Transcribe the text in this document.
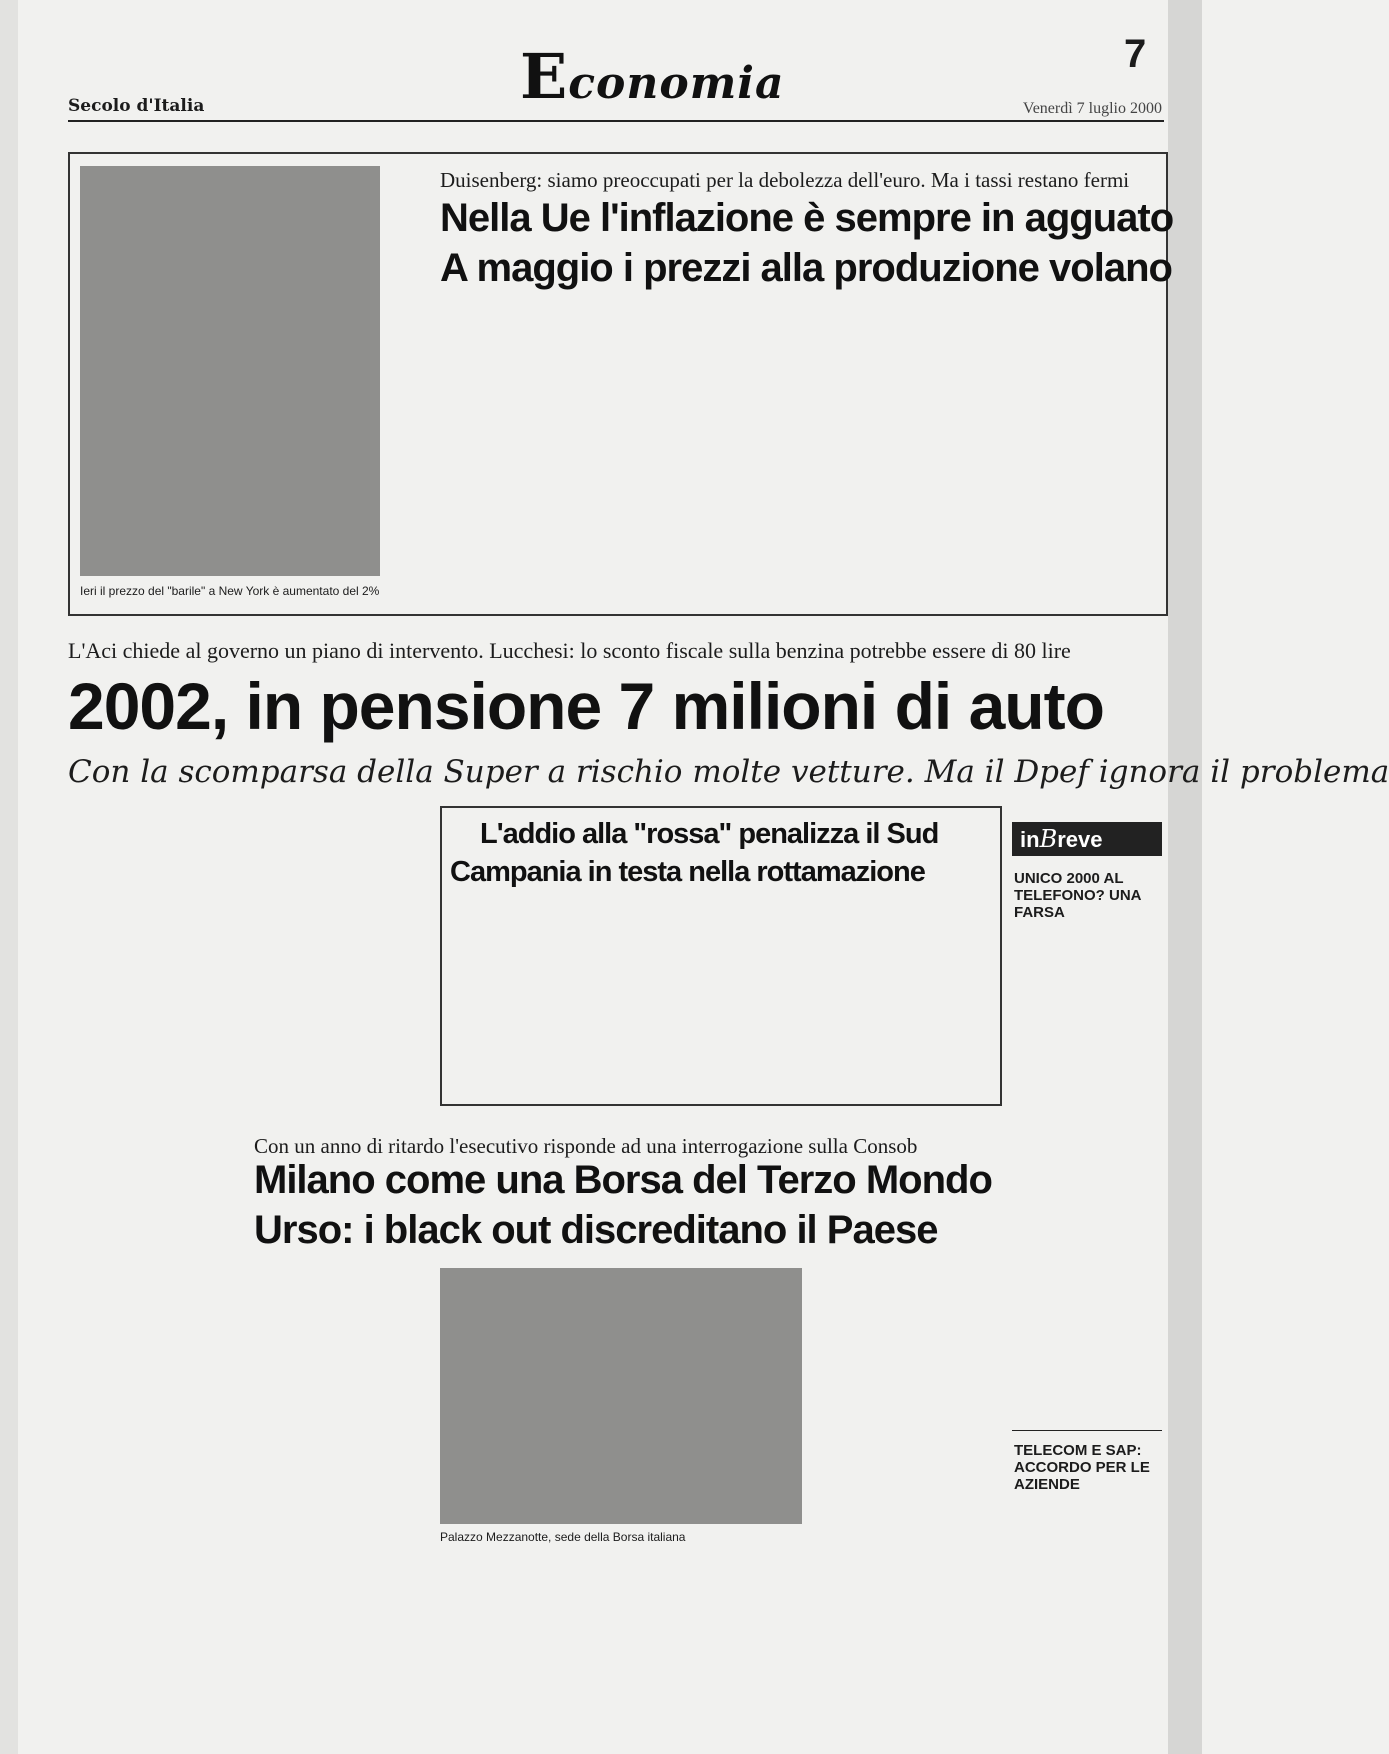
Economia
7
Secolo d'Italia	Venerdì 7 luglio 2000
Ieri il prezzo del "barile" a New York è aumentato del 2%
Duisenberg: siamo preoccupati per la debolezza dell'euro. Ma i tassi restano fermi
Nella Ue l'inflazione è sempre in agguato
A maggio i prezzi alla produzione volano
L'Aci chiede al governo un piano di intervento. Lucchesi: lo sconto fiscale sulla benzina potrebbe essere di 80 lire
2002, in pensione 7 milioni di auto
Con la scomparsa della Super a rischio molte vetture. Ma il Dpef ignora il problema
L'addio alla "rossa" penalizza il Sud
Campania in testa nella rottamazione
Con un anno di ritardo l'esecutivo risponde ad una interrogazione sulla Consob
Milano come una Borsa del Terzo Mondo
Urso: i black out discreditano il Paese
Palazzo Mezzanotte, sede della Borsa italiana
inBreve
UNICO 2000 AL TELEFONO? UNA FARSA
TELECOM E SAP: ACCORDO PER LE AZIENDE
